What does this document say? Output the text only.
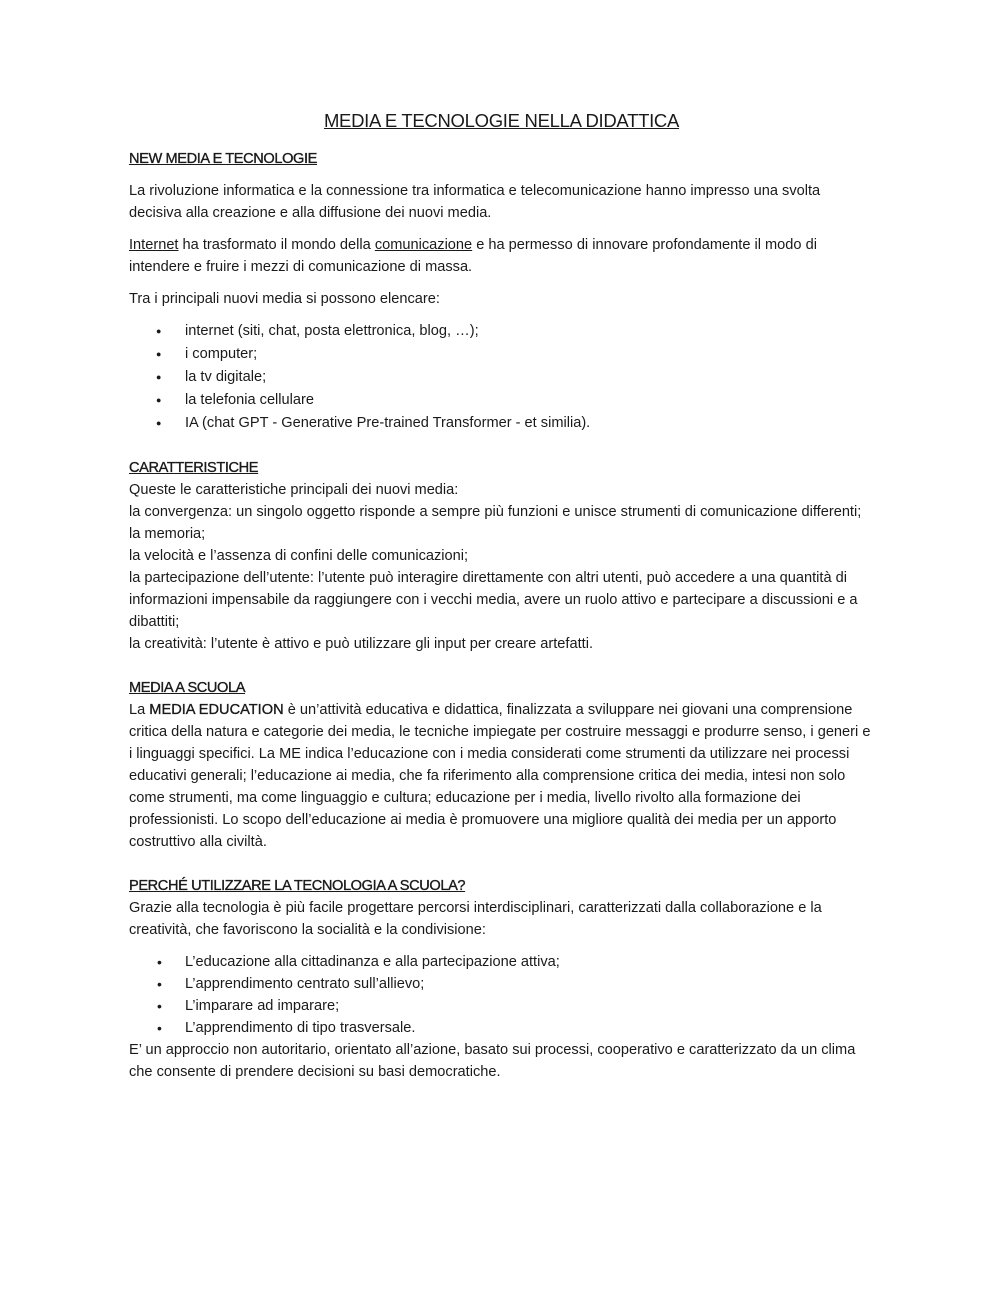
MEDIA E TECNOLOGIE NELLA DIDATTICA
NEW MEDIA E TECNOLOGIE

La rivoluzione informatica e la connessione tra informatica e telecomunicazione hanno impresso una svolta decisiva alla creazione e alla diffusione dei nuovi media.

Internet ha trasformato il mondo della comunicazione e ha permesso di innovare profondamente il modo di intendere e fruire i mezzi di comunicazione di massa.

Tra i principali nuovi media si possono elencare:

● internet (siti, chat, posta elettronica, blog, …);
● i computer;
● la tv digitale;
● la telefonia cellulare
● IA (chat GPT - Generative Pre-trained Transformer - et similia).
CARATTERISTICHE

Queste le caratteristiche principali dei nuovi media:

la convergenza: un singolo oggetto risponde a sempre più funzioni e unisce strumenti di comunicazione differenti;

la memoria;

la velocità e l’assenza di confini delle comunicazioni;

la partecipazione dell’utente: l’utente può interagire direttamente con altri utenti, può accedere a una quantità di informazioni impensabile da raggiungere con i vecchi media, avere un ruolo attivo e partecipare a discussioni e a dibattiti;

la creatività: l’utente è attivo e può utilizzare gli input per creare artefatti.

MEDIA A SCUOLA

La MEDIA EDUCATION è un’attività educativa e didattica, finalizzata a sviluppare nei giovani una comprensione critica della natura e categorie dei media, le tecniche impiegate per costruire messaggi e produrre senso, i generi e i linguaggi specifici. La ME indica l’educazione con i media considerati come strumenti da utilizzare nei processi educativi generali; l’educazione ai media, che fa riferimento alla comprensione critica dei media, intesi non solo come strumenti, ma come linguaggio e cultura; educazione per i media, livello rivolto alla formazione dei professionisti. Lo scopo dell’educazione ai media è promuovere una migliore qualità dei media per un apporto costruttivo alla civiltà.

PERCHÉ UTILIZZARE LA TECNOLOGIA A SCUOLA?

Grazie alla tecnologia è più facile progettare percorsi interdisciplinari, caratterizzati dalla collaborazione e la creatività, che favoriscono la socialità e la condivisione:

• L’educazione alla cittadinanza e alla partecipazione attiva;
• L’apprendimento centrato sull’allievo;
• L’imparare ad imparare;
• L’apprendimento di tipo trasversale.

E’ un approccio non autoritario, orientato all’azione, basato sui processi, cooperativo e caratterizzato da un clima che consente di prendere decisioni su basi democratiche.
